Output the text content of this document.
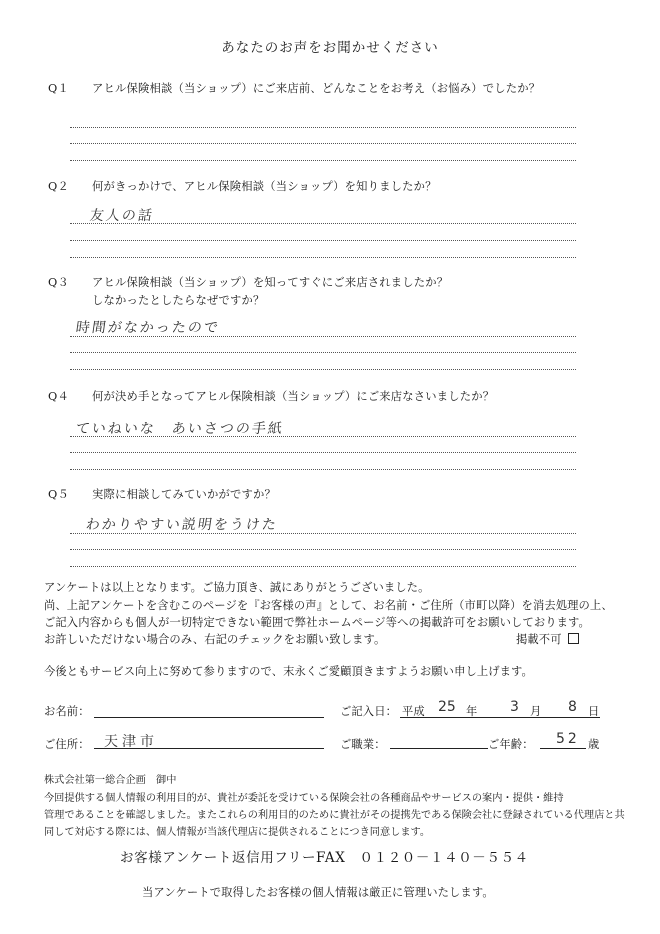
あなたのお声をお聞かせください
Q１ アヒル保険相談（当ショップ）にご来店前、どんなことをお考え（お悩み）でしたか？
Q２ 何がきっかけで、アヒル保険相談（当ショップ）を知りましたか？
友人の話
Q３ アヒル保険相談（当ショップ）を知ってすぐにご来店されましたか？
しなかったとしたらなぜですか？
時間がなかったので
Q４ 何が決め手となってアヒル保険相談（当ショップ）にご来店なさいましたか？
ていねいな　あいさつの手紙
Q５ 実際に相談してみていかがですか？
わかりやすい説明をうけた
アンケートは以上となります。ご協力頂き、誠にありがとうございました。
尚、上記アンケートを含むこのページを『お客様の声』として、お名前・ご住所（市町以降）を消去処理の上、
ご記入内容からも個人が一切特定できない範囲で弊社ホームページ等への掲載許可をお願いしております。
お許しいただけない場合のみ、右記のチェックをお願い致します。	掲載不可
今後ともサービス向上に努めて参りますので、末永くご愛顧頂きますようお願い申し上げます。
お名前：	ご記入日： 平成 25 年 3 月 8 日
ご住所： 天津市	ご職業：	ご年齢： 52 歳
株式会社第一総合企画　御中
今回提供する個人情報の利用目的が、貴社が委託を受けている保険会社の各種商品やサービスの案内・提供・維持
管理であることを確認しました。またこれらの利用目的のために貴社がその提携先である保険会社に登録されている代理店と共
同して対応する際には、個人情報が当該代理店に提供されることにつき同意します。
お客様アンケート返信用フリーFAX　０１２０－１４０－５５４
当アンケートで取得したお客様の個人情報は厳正に管理いたします。
